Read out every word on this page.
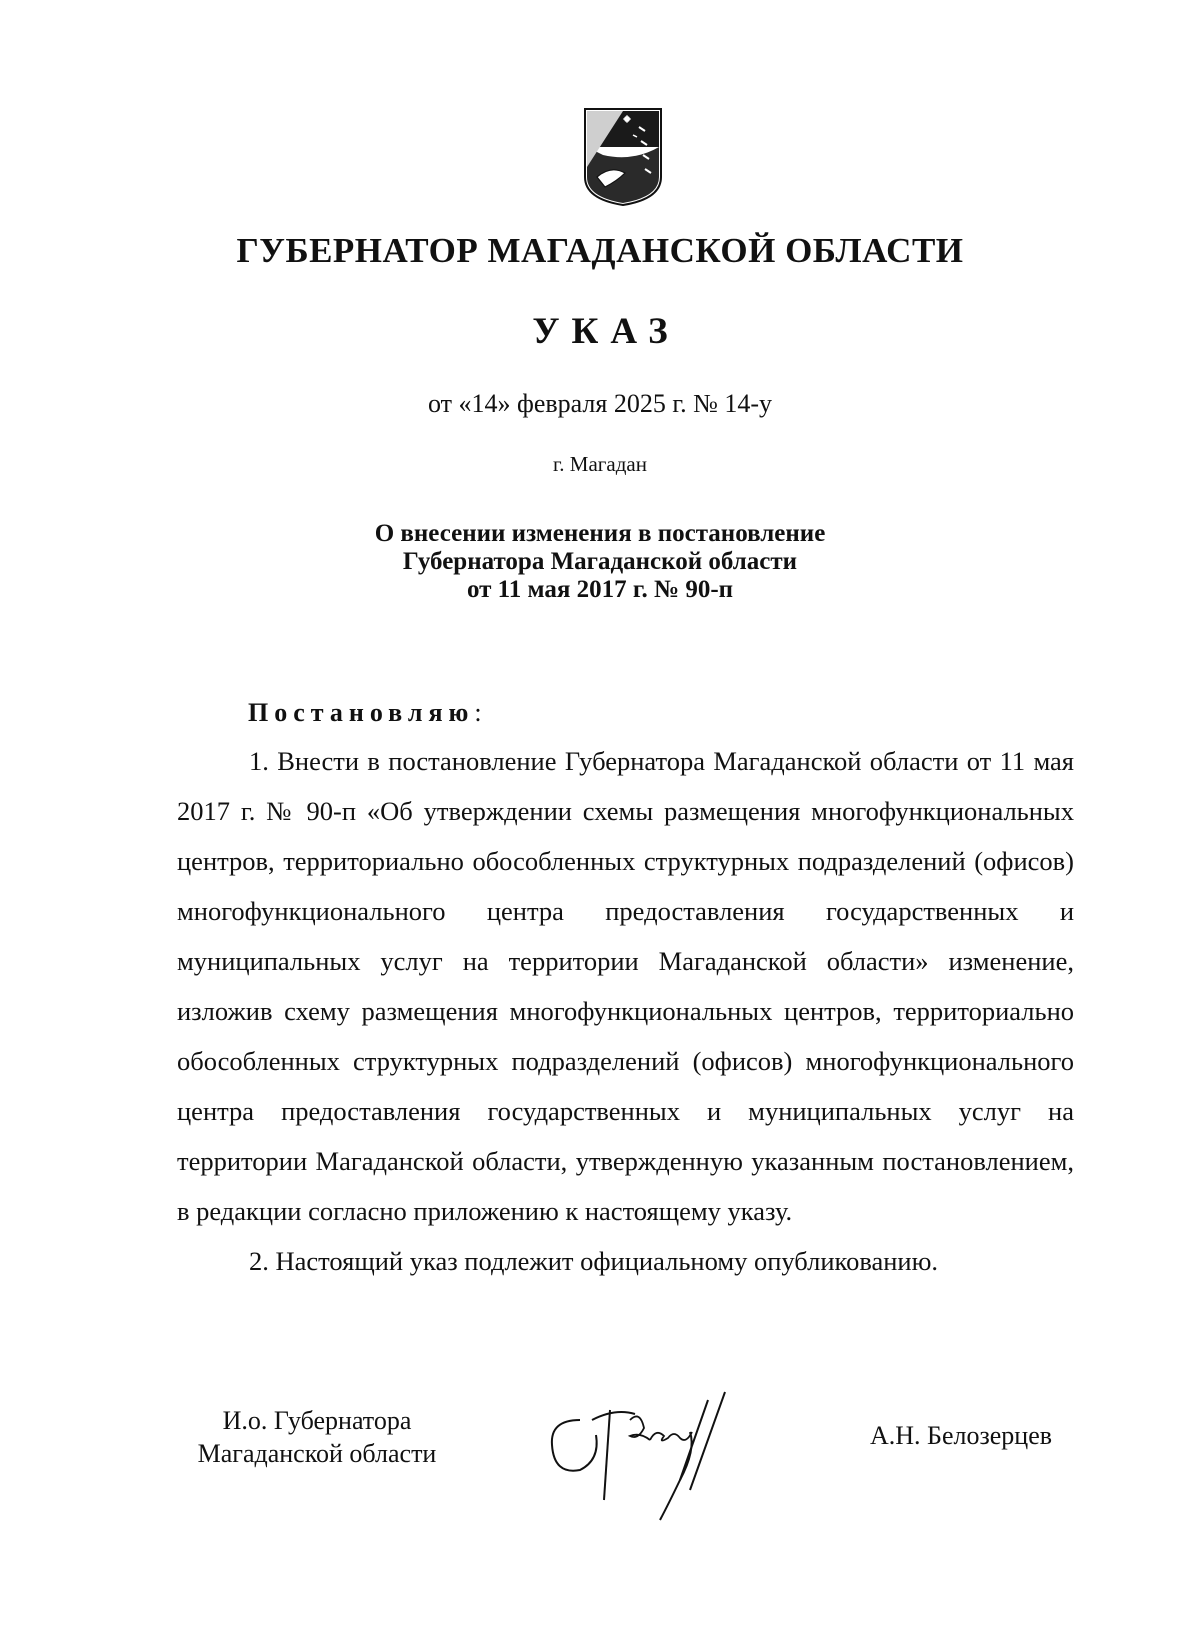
ГУБЕРНАТОР МАГАДАНСКОЙ ОБЛАСТИ
УКАЗ
от «14» февраля 2025 г. № 14-у
г. Магадан
О внесении изменения в постановление
Губернатора Магаданской области
от 11 мая 2017 г. № 90-п
Постановляю:

1. Внести в постановление Губернатора Магаданской области от 11 мая 2017 г. № 90-п «Об утверждении схемы размещения многофункциональных центров, территориально обособленных структурных подразделений (офисов) многофункционального центра предоставления государственных и муниципальных услуг на территории Магаданской области» изменение, изложив схему размещения многофункциональных центров, территориально обособленных структурных подразделений (офисов) многофункционального центра предоставления государственных и муниципальных услуг на территории Магаданской области, утвержденную указанным постановлением, в редакции согласно приложению к настоящему указу.

2. Настоящий указ подлежит официальному опубликованию.

И.о. Губернатора
Магаданской области
А.Н. Белозерцев
